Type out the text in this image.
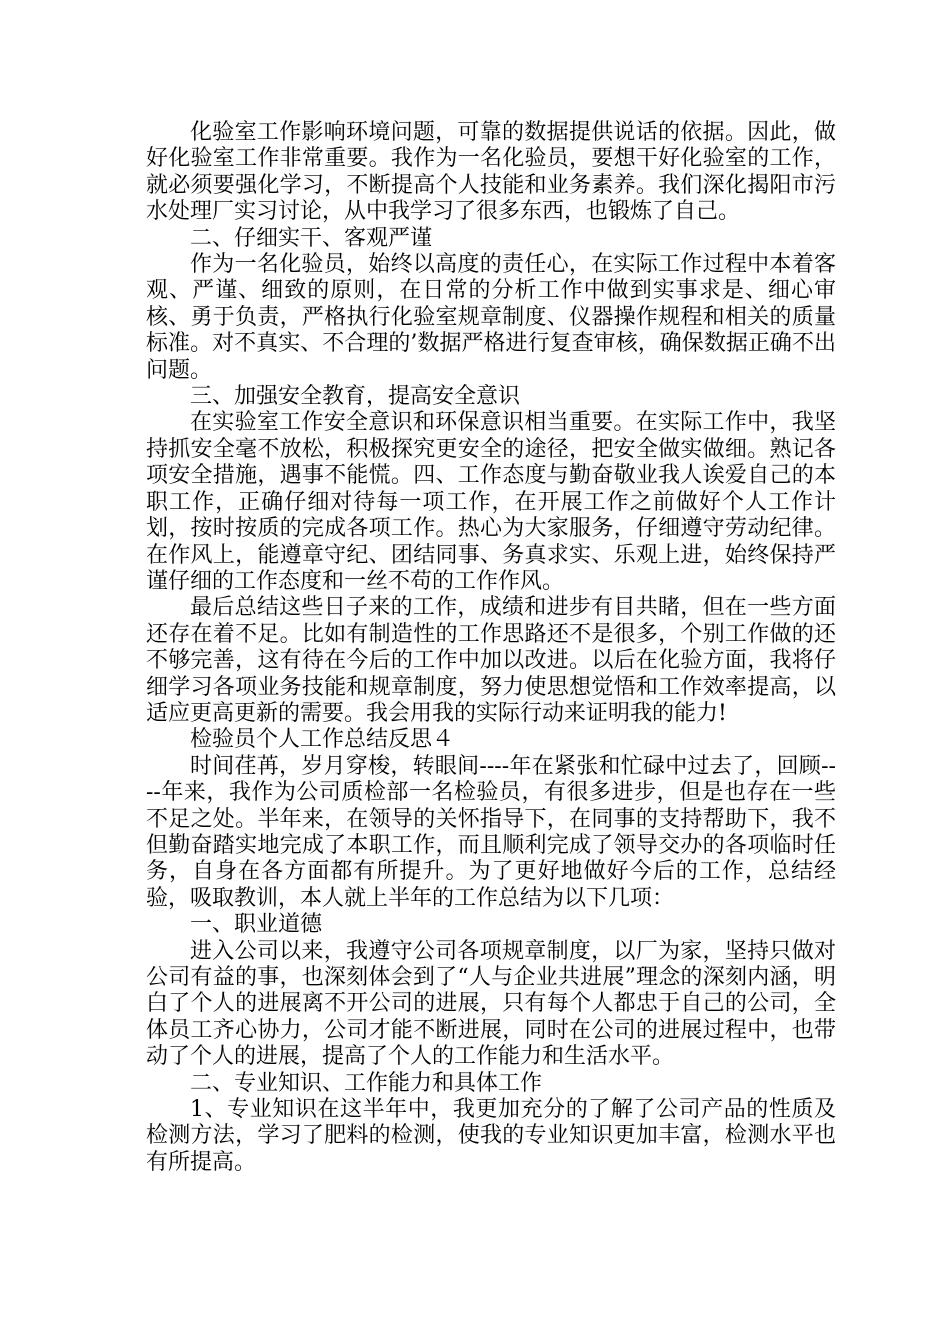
化验室工作影响环境问题，可靠的数据提供说话的依据。因此，做好化验室工作非常重要。我作为一名化验员，要想干好化验室的工作，就必须要强化学习，不断提高个人技能和业务素养。我们深化揭阳市污水处理厂实习讨论，从中我学习了很多东西，也锻炼了自己。

二、仔细实干、客观严谨

作为一名化验员，始终以高度的责任心，在实际工作过程中本着客观、严谨、细致的原则，在日常的分析工作中做到实事求是、细心审核、勇于负责，严格执行化验室规章制度、仪器操作规程和相关的质量标准。对不真实、不合理的’数据严格进行复查审核，确保数据正确不出问题。

三、加强安全教育，提高安全意识

在实验室工作安全意识和环保意识相当重要。在实际工作中，我坚持抓安全毫不放松，积极探究更安全的途径，把安全做实做细。熟记各项安全措施，遇事不能慌。四、工作态度与勤奋敬业我人诶爱自己的本职工作，正确仔细对待每一项工作，在开展工作之前做好个人工作计划，按时按质的完成各项工作。热心为大家服务，仔细遵守劳动纪律。在作风上，能遵章守纪、团结同事、务真求实、乐观上进，始终保持严谨仔细的工作态度和一丝不苟的工作作风。

最后总结这些日子来的工作，成绩和进步有目共睹，但在一些方面还存在着不足。比如有制造性的工作思路还不是很多，个别工作做的还不够完善，这有待在今后的工作中加以改进。以后在化验方面，我将仔细学习各项业务技能和规章制度，努力使思想觉悟和工作效率提高，以适应更高更新的需要。我会用我的实际行动来证明我的能力!

检验员个人工作总结反思４

时间荏苒，岁月穿梭，转眼间----年在紧张和忙碌中过去了，回顾----年来，我作为公司质检部一名检验员，有很多进步，但是也存在一些不足之处。半年来，在领导的关怀指导下，在同事的支持帮助下，我不但勤奋踏实地完成了本职工作，而且顺利完成了领导交办的各项临时任务，自身在各方面都有所提升。为了更好地做好今后的工作，总结经验，吸取教训，本人就上半年的工作总结为以下几项：

一、职业道德

进入公司以来，我遵守公司各项规章制度，以厂为家，坚持只做对公司有益的事，也深刻体会到了“人与企业共进展”理念的深刻内涵，明白了个人的进展离不开公司的进展，只有每个人都忠于自己的公司，全体员工齐心协力，公司才能不断进展，同时在公司的进展过程中，也带动了个人的进展，提高了个人的工作能力和生活水平。

二、专业知识、工作能力和具体工作

1、专业知识在这半年中，我更加充分的了解了公司产品的性质及检测方法，学习了肥料的检测，使我的专业知识更加丰富，检测水平也有所提高。
